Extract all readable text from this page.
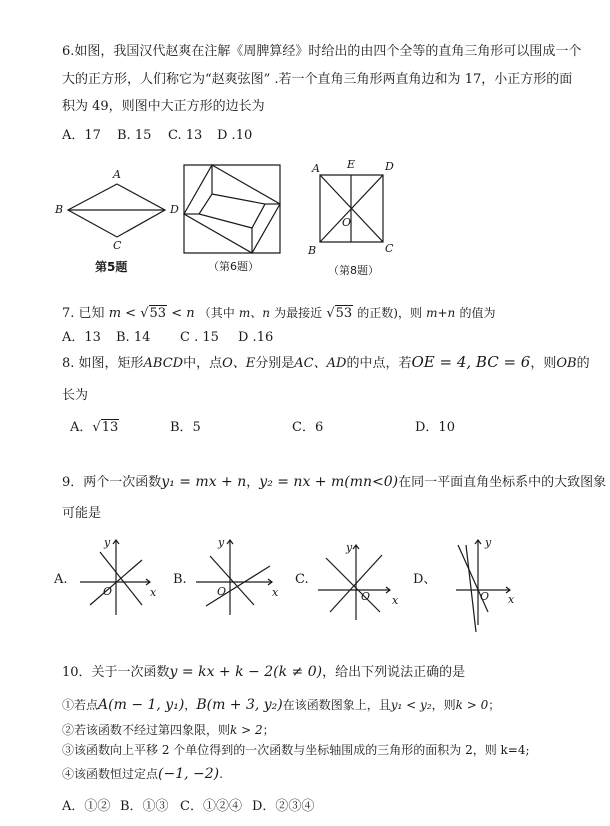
6.如图，我国汉代赵爽在注解《周脾算经》时给出的由四个全等的直角三角形可以围成一个
大的正方形，人们称它为“赵爽弦图” .若一个直角三角形两直角边和为 17，小正方形的面
积为 49，则图中大正方形的边长为
A．17 B. 15 C. 13 D .10
A
B
C
D
第5题	（第6题）
A E	D
O
B	C
（第8题）
7. 已知 m < √53 < n （其中 m、n 为最接近 √53 的正数)，则 m+n 的值为
A．13 B. 14 C . 15 D .16
8. 如图，矩形ABCD中，点O、E分别是AC、AD的中点，若OE = 4, BC = 6，则OB的
长为
A．√13	B．5	C．6	D．10
9．两个一次函数y₁ = mx + n，y₂ = nx + m(mn<0)在同一平面直角坐标系中的大致图象
可能是
A.
y
x
O
B.
y
x
O
C.
y
x
O
D、
y
x
O
10．关于一次函数y = kx + k − 2(k ≠ 0)，给出下列说法正确的是
①若点A(m − 1, y₁)，B(m + 3, y₂)在该函数图象上，且y₁ < y₂，则k > 0；
②若该函数不经过第四象限，则k > 2；
③该函数向上平移 2 个单位得到的一次函数与坐标轴围成的三角形的面积为 2，则 k=4;
④该函数恒过定点(−1, −2).
A．①② B．①③ C．①②④ D．②③④
